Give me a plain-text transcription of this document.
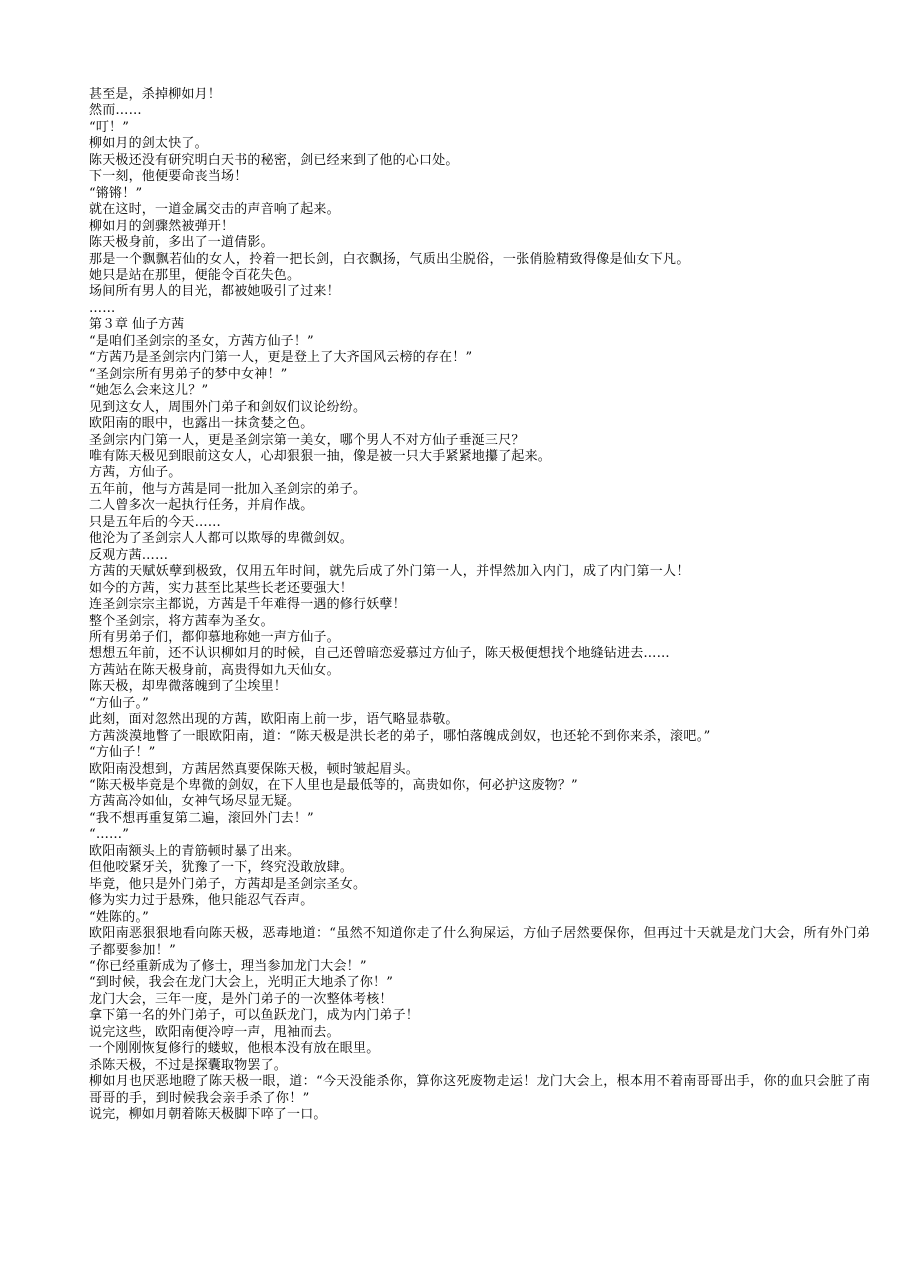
甚至是，杀掉柳如月！

然而……

“叮！”

柳如月的剑太快了。

陈天极还没有研究明白天书的秘密，剑已经来到了他的心口处。

下一刻，他便要命丧当场！

“锵锵！”

就在这时，一道金属交击的声音响了起来。

柳如月的剑骤然被弹开！

陈天极身前，多出了一道倩影。

那是一个飘飘若仙的女人，拎着一把长剑，白衣飘扬，气质出尘脱俗，一张俏脸精致得像是仙女下凡。

她只是站在那里，便能令百花失色。

场间所有男人的目光，都被她吸引了过来！

……

第３章 仙子方茜

“是咱们圣剑宗的圣女，方茜方仙子！”

“方茜乃是圣剑宗内门第一人，更是登上了大齐国风云榜的存在！”

“圣剑宗所有男弟子的梦中女神！”

“她怎么会来这儿？”

见到这女人，周围外门弟子和剑奴们议论纷纷。

欧阳南的眼中，也露出一抹贪婪之色。

圣剑宗内门第一人，更是圣剑宗第一美女，哪个男人不对方仙子垂涎三尺？

唯有陈天极见到眼前这女人，心却狠狠一抽，像是被一只大手紧紧地攥了起来。

方茜，方仙子。

五年前，他与方茜是同一批加入圣剑宗的弟子。

二人曾多次一起执行任务，并肩作战。

只是五年后的今天……

他沦为了圣剑宗人人都可以欺辱的卑微剑奴。

反观方茜……

方茜的天赋妖孽到极致，仅用五年时间，就先后成了外门第一人，并悍然加入内门，成了内门第一人！

如今的方茜，实力甚至比某些长老还要强大！

连圣剑宗宗主都说，方茜是千年难得一遇的修行妖孽！

整个圣剑宗，将方茜奉为圣女。

所有男弟子们，都仰慕地称她一声方仙子。

想想五年前，还不认识柳如月的时候，自己还曾暗恋爱慕过方仙子，陈天极便想找个地缝钻进去……

方茜站在陈天极身前，高贵得如九天仙女。

陈天极，却卑微落魄到了尘埃里！

“方仙子。”

此刻，面对忽然出现的方茜，欧阳南上前一步，语气略显恭敬。

方茜淡漠地瞥了一眼欧阳南，道：“陈天极是洪长老的弟子，哪怕落魄成剑奴，也还轮不到你来杀，滚吧。”

“方仙子！”

欧阳南没想到，方茜居然真要保陈天极，顿时皱起眉头。

“陈天极毕竟是个卑微的剑奴，在下人里也是最低等的，高贵如你，何必护这废物？”

方茜高冷如仙，女神气场尽显无疑。

“我不想再重复第二遍，滚回外门去！”

“……”

欧阳南额头上的青筋顿时暴了出来。

但他咬紧牙关，犹豫了一下，终究没敢放肆。

毕竟，他只是外门弟子，方茜却是圣剑宗圣女。

修为实力过于悬殊，他只能忍气吞声。

“姓陈的。”

欧阳南恶狠狠地看向陈天极，恶毒地道：“虽然不知道你走了什么狗屎运，方仙子居然要保你，但再过十天就是龙门大会，所有外门弟子都要参加！”

“你已经重新成为了修士，理当参加龙门大会！”

“到时候，我会在龙门大会上，光明正大地杀了你！”

龙门大会，三年一度，是外门弟子的一次整体考核！

拿下第一名的外门弟子，可以鱼跃龙门，成为内门弟子！

说完这些，欧阳南便冷哼一声，甩袖而去。

一个刚刚恢复修行的蝼蚁，他根本没有放在眼里。

杀陈天极，不过是探囊取物罢了。

柳如月也厌恶地瞪了陈天极一眼，道：“今天没能杀你，算你这死废物走运！龙门大会上，根本用不着南哥哥出手，你的血只会脏了南哥哥的手，到时候我会亲手杀了你！”

说完，柳如月朝着陈天极脚下啐了一口。
